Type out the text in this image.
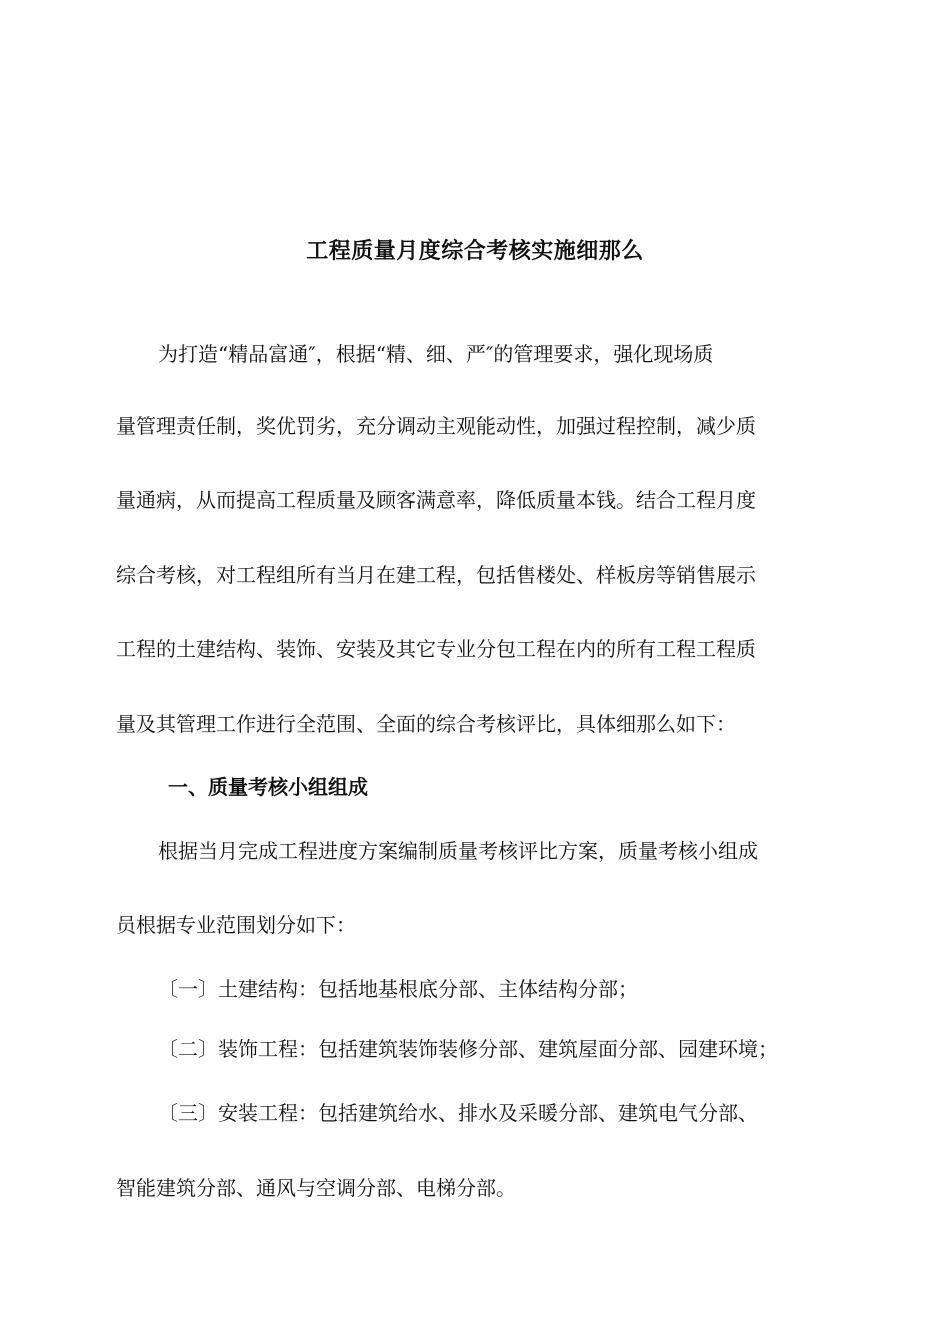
工程质量月度综合考核实施细那么
为打造“精品富通″，根据“精、细、严″的管理要求，强化现场质
量管理责任制，奖优罚劣，充分调动主观能动性，加强过程控制，减少质
量通病，从而提高工程质量及顾客满意率，降低质量本钱。结合工程月度
综合考核，对工程组所有当月在建工程，包括售楼处、样板房等销售展示
工程的土建结构、装饰、安装及其它专业分包工程在内的所有工程工程质
量及其管理工作进行全范围、全面的综合考核评比，具体细那么如下：
一、质量考核小组组成
根据当月完成工程进度方案编制质量考核评比方案，质量考核小组成
员根据专业范围划分如下：
〔一〕土建结构：包括地基根底分部、主体结构分部；
〔二〕装饰工程：包括建筑装饰装修分部、建筑屋面分部、园建环境；
〔三〕安装工程：包括建筑给水、排水及采暖分部、建筑电气分部、
智能建筑分部、通风与空调分部、电梯分部。
